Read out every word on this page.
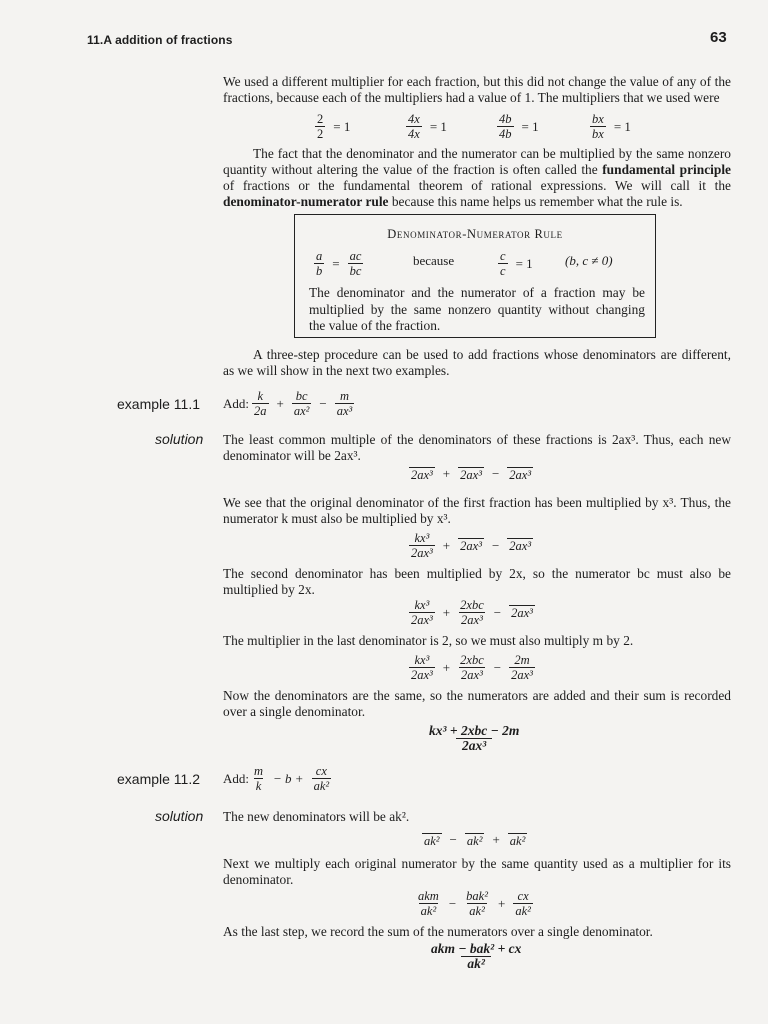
11.A addition of fractions	63
We used a different multiplier for each fraction, but this did not change the value of any of the
fractions, because each of the multipliers had a value of 1. The multipliers that we used were
$\frac{2}{2} = 1$	$\frac{4x}{4x} = 1$	$\frac{4b}{4b} = 1$	$\frac{bx}{bx} = 1$
The fact that the denominator and the numerator can be multiplied by the same nonzero
quantity without altering the value of the fraction is often called the fundamental principle
of fractions or the fundamental theorem of rational expressions. We will call it the
denominator-numerator rule because this name helps us remember what the rule is.
Denominator-Numerator Rule
$\frac{a}{b} = \frac{ac}{bc}$	because	$\frac{c}{c} = 1$ (b, c ≠ 0)
The denominator and the numerator of a fraction may be
multiplied by the same nonzero quantity without changing
the value of the fraction.
A three-step procedure can be used to add fractions whose denominators are different,
as we will show in the next two examples.
example 11.1 Add: $\frac{k}{2a} + \frac{bc}{\text{ax²}} - \frac{m}{\text{ax³}}$
solution The least common multiple of the denominators of these fractions is 2ax³. Thus, each new
denominator will be 2ax³.
2ax³ + 2ax³ − 2ax³
We see that the original denominator of the first fraction has been multiplied by x³. Thus, the
numerator k must also be multiplied by x³.
$\frac{\text{kx³}}{\text{2ax³}} + 2ax^3 - 2ax^3$
The second denominator has been multiplied by 2x, so the numerator bc must also be
multiplied by 2x.
$\frac{\text{kx³}}{\text{2ax³}} + \frac{\text{2xbc}}{\text{2ax³}} - 2ax^3$
The multiplier in the last denominator is 2, so we must also multiply m by 2.
$\frac{\text{kx³}}{\text{2ax³}} + \frac{\text{2xbc}}{\text{2ax³}} - \frac{2m}{\text{2ax³}}$
Now the denominators are the same, so the numerators are added and their sum is recorded
over a single denominator.
$\frac{\text{kx³ + 2xbc − 2m}}{\text{2ax³}}$
example 11.2 Add: $\frac{m}{k} - b + \frac{cx}{\text{ak²}}$
solution The new denominators will be ak².
ak² − ak² + ak²
Next we multiply each original numerator by the same quantity used as a multiplier for its
denominator.
$\frac{\text{akm}}{\text{ak²}} - \frac{\text{bak²}}{\text{ak²}} + \frac{cx}{\text{ak²}}$
As the last step, we record the sum of the numerators over a single denominator.
$\frac{\text{akm − bak² + cx}}{\text{ak²}}$
